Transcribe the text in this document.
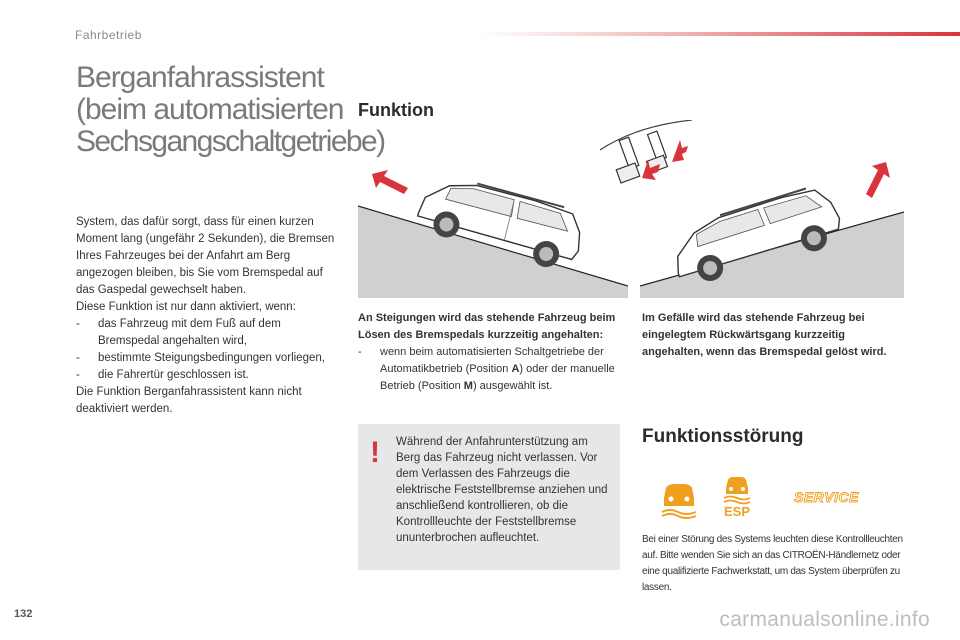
Fahrbetrieb
Berganfahrassistent
(beim automatisierten
Sechsgangschaltgetriebe)

System, das dafür sorgt, dass für einen kurzen Moment lang (ungefähr 2 Sekunden), die Bremsen Ihres Fahrzeuges bei der Anfahrt am Berg angezogen bleiben, bis Sie vom Bremspedal auf das Gaspedal gewechselt haben.

Diese Funktion ist nur dann aktiviert, wenn:

- das Fahrzeug mit dem Fuß auf dem Bremspedal angehalten wird,

- bestimmte Steigungsbedingungen vorliegen,

- die Fahrertür geschlossen ist.

Die Funktion Berganfahrassistent kann nicht deaktiviert werden.

Funktion

An Steigungen wird das stehende Fahrzeug beim Lösen des Bremspedals kurzzeitig angehalten:

- wenn beim automatisierten Schaltgetriebe der Automatikbetrieb (Position A) oder der manuelle Betrieb (Position M) ausgewählt ist.

Im Gefälle wird das stehende Fahrzeug bei eingelegtem Rückwärtsgang kurzzeitig angehalten, wenn das Bremspedal gelöst wird.

!	Während der Anfahrunterstützung am Berg das Fahrzeug nicht verlassen. Vor dem Verlassen des Fahrzeugs die elektrische Feststellbremse anziehen und anschließend kontrollieren, ob die Kontrollleuchte der Feststellbremse ununterbrochen aufleuchtet.
Funktionsstörung
ESP
SERVICE
Bei einer Störung des Systems leuchten diese Kontrollleuchten auf. Bitte wenden Sie sich an das CITROËN-Händlernetz oder eine qualifizierte Fachwerkstatt, um das System überprüfen zu lassen.
132	carmanualsonline.info
